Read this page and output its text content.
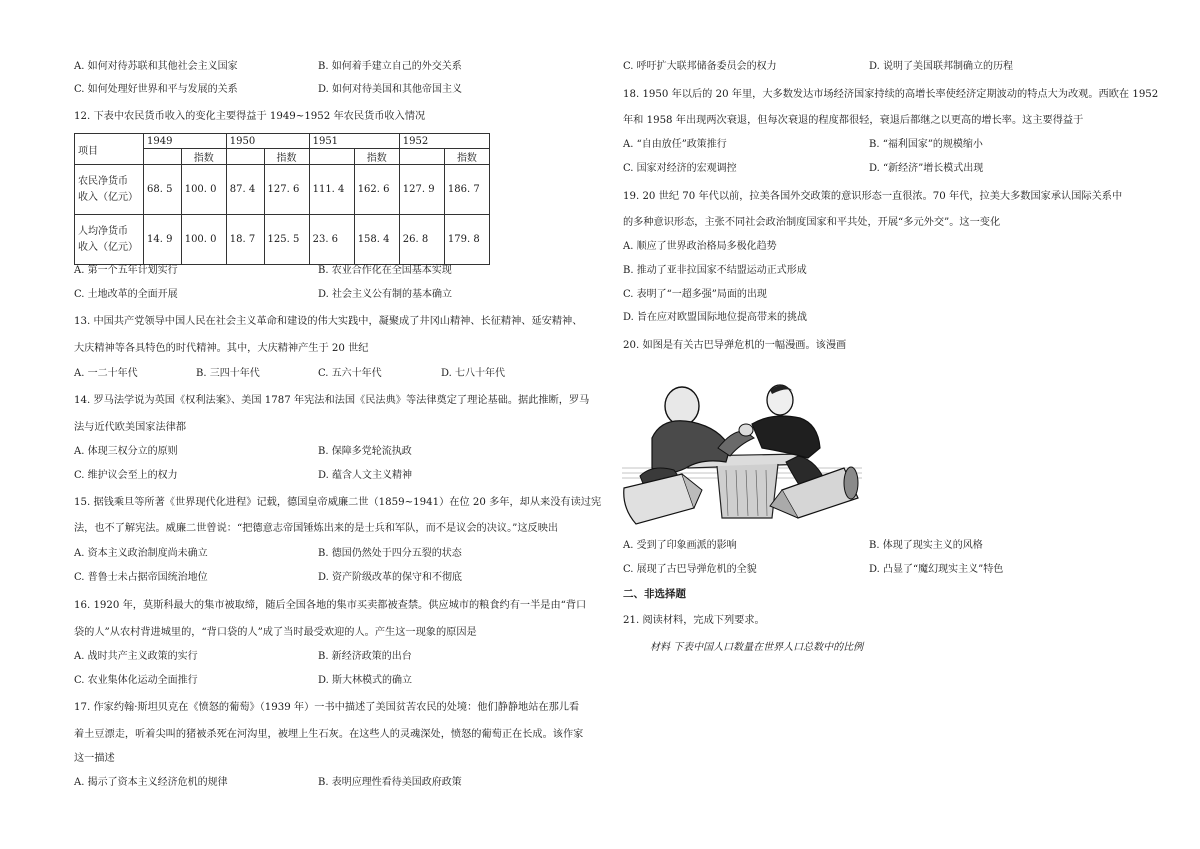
A. 如何对待苏联和其他社会主义国家	B. 如何着手建立自己的外交关系
C. 如何处理好世界和平与发展的关系	D. 如何对待美国和其他帝国主义
12. 下表中农民货币收入的变化主要得益于 1949~1952 年农民货币收入情况
项目	1949		1950		1951		1952	
		指数		指数		指数		指数

农民净货币
收入（亿元）	68. 5	100. 0	87. 4	127. 6	111. 4	162. 6	127. 9	186. 7

人均净货币
收入（亿元）	14. 9	100. 0	18. 7	125. 5	23. 6	158. 4	26. 8	179. 8
A. 第一个五年计划实行	B. 农业合作化在全国基本实现
C. 土地改革的全面开展	D. 社会主义公有制的基本确立
13. 中国共产党领导中国人民在社会主义革命和建设的伟大实践中，凝聚成了井冈山精神、长征精神、延安精神、
大庆精神等各具特色的时代精神。其中，大庆精神产生于 20 世纪
A. 一二十年代	B. 三四十年代	C. 五六十年代	D. 七八十年代
14. 罗马法学说为英国《权利法案》、美国 1787 年宪法和法国《民法典》等法律奠定了理论基础。据此推断，罗马
法与近代欧美国家法律都
A. 体现三权分立的原则	B. 保障多党轮流执政
C. 维护议会至上的权力	D. 蕴含人文主义精神
15. 据钱乘旦等所著《世界现代化进程》记载，德国皇帝威廉二世（1859~1941）在位 20 多年，却从来没有读过宪
法，也不了解宪法。威廉二世曾说：“把德意志帝国锤炼出来的是士兵和军队，而不是议会的决议。”这反映出
A. 资本主义政治制度尚未确立	B. 德国仍然处于四分五裂的状态
C. 普鲁士未占据帝国统治地位	D. 资产阶级改革的保守和不彻底
16. 1920 年，莫斯科最大的集市被取缔，随后全国各地的集市买卖都被查禁。供应城市的粮食约有一半是由“背口
袋的人”从农村背进城里的，“背口袋的人”成了当时最受欢迎的人。产生这一现象的原因是
A. 战时共产主义政策的实行	B. 新经济政策的出台
C. 农业集体化运动全面推行	D. 斯大林模式的确立
17. 作家约翰·斯坦贝克在《愤怒的葡萄》（1939 年）一书中描述了美国贫苦农民的处境：他们静静地站在那儿看
着土豆漂走，听着尖叫的猪被杀死在河沟里，被埋上生石灰。在这些人的灵魂深处，愤怒的葡萄正在长成。该作家
这一描述
A. 揭示了资本主义经济危机的规律	B. 表明应理性看待美国政府政策
C. 呼吁扩大联邦储备委员会的权力	D. 说明了美国联邦制确立的历程
18. 1950 年以后的 20 年里，大多数发达市场经济国家持续的高增长率使经济定期波动的特点大为改观。西欧在 1952
年和 1958 年出现两次衰退，但每次衰退的程度都很轻，衰退后都继之以更高的增长率。这主要得益于
A. “自由放任”政策推行	B. “福利国家”的规模缩小
C. 国家对经济的宏观调控	D. “新经济”增长模式出现
19. 20 世纪 70 年代以前，拉美各国外交政策的意识形态一直很浓。70 年代，拉美大多数国家承认国际关系中
的多种意识形态，主张不同社会政治制度国家和平共处，开展“多元外交”。这一变化
A. 顺应了世界政治格局多极化趋势
B. 推动了亚非拉国家不结盟运动正式形成
C. 表明了“一超多强”局面的出现
D. 旨在应对欧盟国际地位提高带来的挑战
20. 如图是有关古巴导弹危机的一幅漫画。该漫画
A. 受到了印象画派的影响	B. 体现了现实主义的风格
C. 展现了古巴导弹危机的全貌	D. 凸显了“魔幻现实主义”特色
二、非选择题
21. 阅读材料，完成下列要求。
材料 下表中国人口数量在世界人口总数中的比例
